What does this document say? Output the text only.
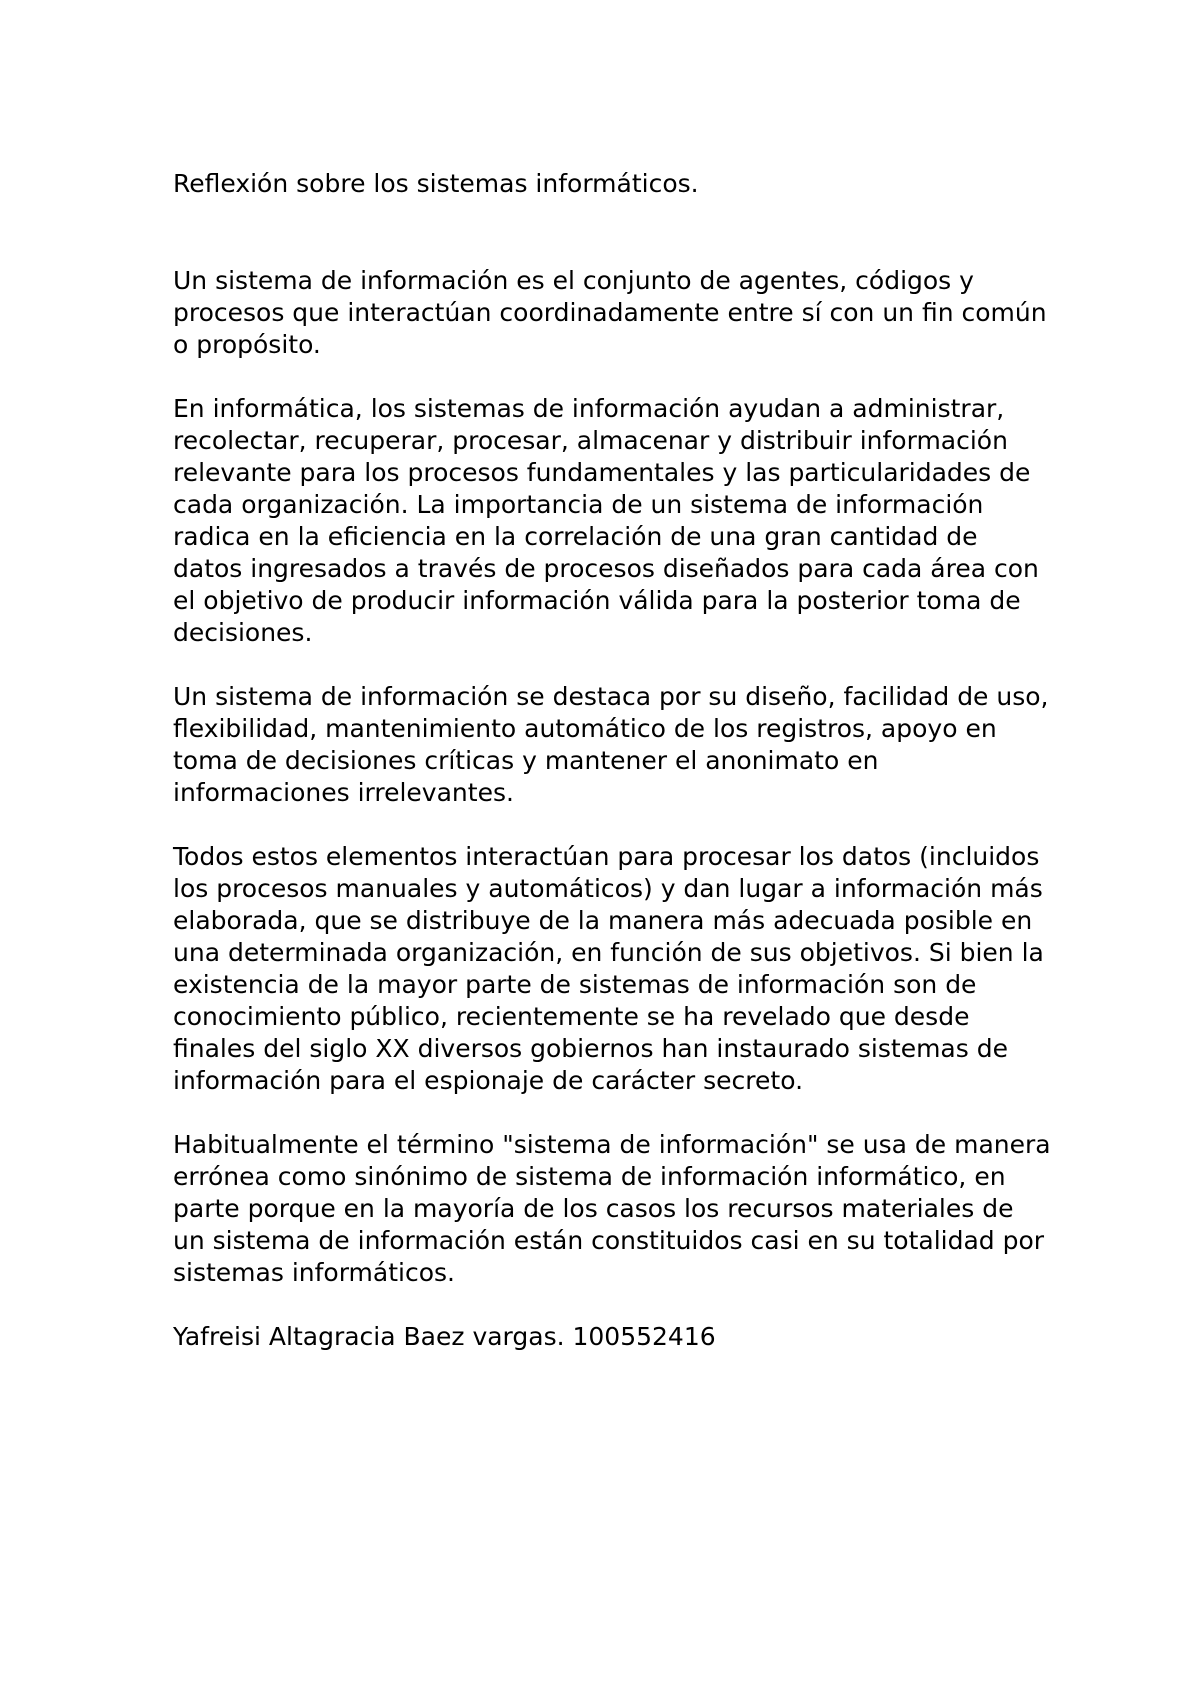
Reflexión sobre los sistemas informáticos.

Un sistema de información es el conjunto de agentes, códigos y procesos que interactúan coordinadamente entre sí con un fin común o propósito.

En informática, los sistemas de información ayudan a administrar, recolectar, recuperar, procesar, almacenar y distribuir información relevante para los procesos fundamentales y las particularidades de cada organización. La importancia de un sistema de información radica en la eficiencia en la correlación de una gran cantidad de datos ingresados a través de procesos diseñados para cada área con el objetivo de producir información válida para la posterior toma de decisiones.

Un sistema de información se destaca por su diseño, facilidad de uso, flexibilidad, mantenimiento automático de los registros, apoyo en toma de decisiones críticas y mantener el anonimato en informaciones irrelevantes.

Todos estos elementos interactúan para procesar los datos (incluidos los procesos manuales y automáticos) y dan lugar a información más elaborada, que se distribuye de la manera más adecuada posible en una determinada organización, en función de sus objetivos. Si bien la existencia de la mayor parte de sistemas de información son de conocimiento público, recientemente se ha revelado que desde finales del siglo XX diversos gobiernos han instaurado sistemas de información para el espionaje de carácter secreto.

Habitualmente el término "sistema de información" se usa de manera errónea como sinónimo de sistema de información informático, en parte porque en la mayoría de los casos los recursos materiales de un sistema de información están constituidos casi en su totalidad por sistemas informáticos.

Yafreisi Altagracia Baez vargas. 100552416
